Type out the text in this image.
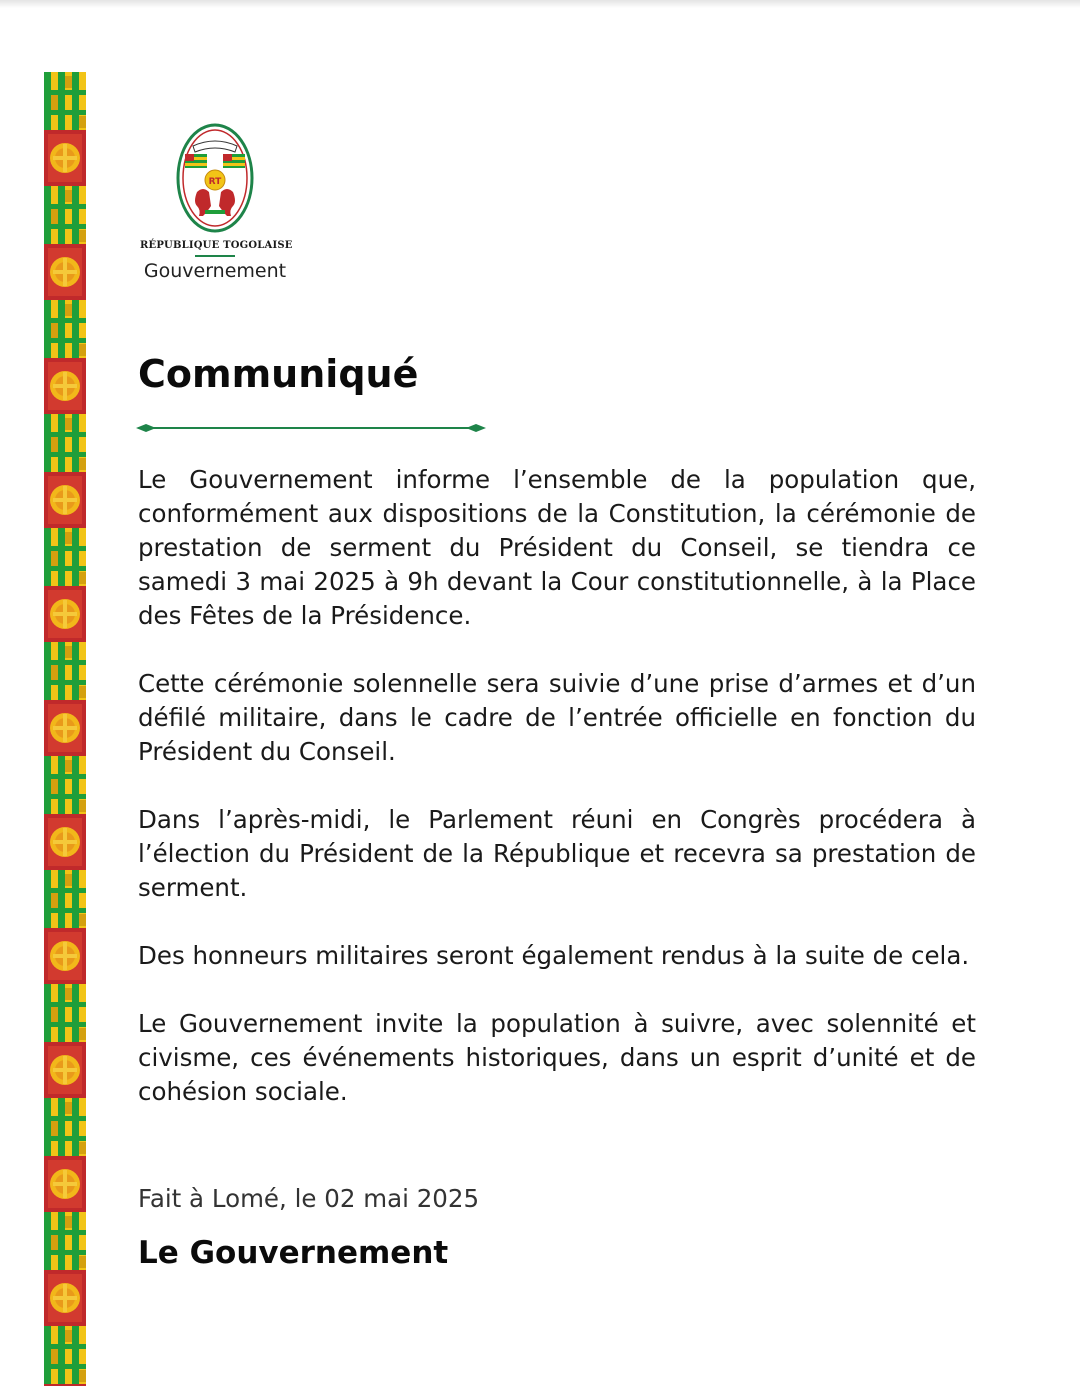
RT
RÉPUBLIQUE TOGOLAISE
Gouvernement
Communiqué

Le Gouvernement informe l’ensemble de la population que, conformément aux dispositions de la Constitution, la cérémonie de prestation de serment du Président du Conseil, se tiendra ce samedi 3 mai 2025 à 9h devant la Cour constitutionnelle, à la Place des Fêtes de la Présidence.

Cette cérémonie solennelle sera suivie d’une prise d’armes et d’un défilé militaire, dans le cadre de l’entrée officielle en fonction du Président du Conseil.

Dans l’après-midi, le Parlement réuni en Congrès procédera à l’élection du Président de la République et recevra sa prestation de serment.

Des honneurs militaires seront également rendus à la suite de cela.

Le Gouvernement invite la population à suivre, avec solennité et civisme, ces événements historiques, dans un esprit d’unité et de cohésion sociale.

Fait à Lomé, le 02 mai 2025
Le Gouvernement
